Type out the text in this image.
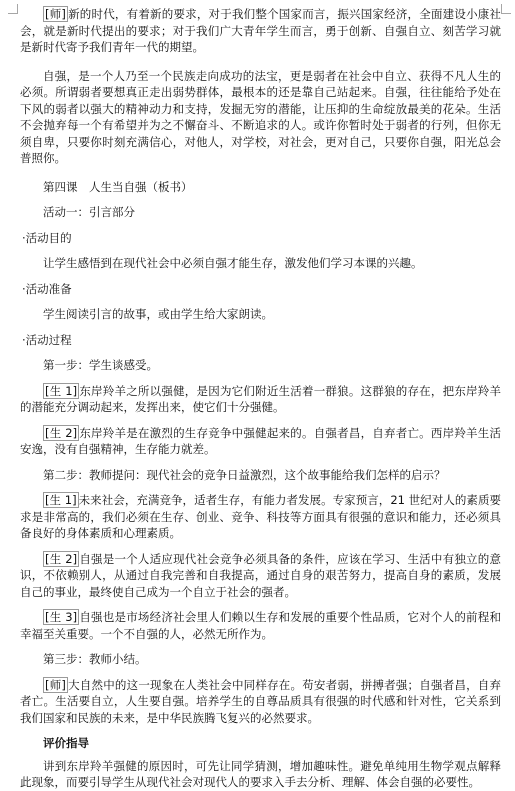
[师] 新的时代，有着新的要求，对于我们整个国家而言，振兴国家经济，全面建设小康社会，就是新时代提出的要求；对于我们广大青年学生而言，勇于创新、自强自立、刻苦学习就是新时代寄予我们青年一代的期望。

自强，是一个人乃至一个民族走向成功的法宝，更是弱者在社会中自立、获得不凡人生的必须。所谓弱者要想真正走出弱势群体，最根本的还是靠自己站起来。自强，往往能给予处在下风的弱者以强大的精神动力和支持，发掘无穷的潜能，让压抑的生命绽放最美的花朵。生活不会抛弃每一个有希望并为之不懈奋斗、不断追求的人。或许你暂时处于弱者的行列，但你无须自卑，只要你时刻充满信心，对他人，对学校，对社会，更对自己，只要你自强，阳光总会普照你。

第四课　人生当自强（板书）

活动一：引言部分

·活动目的

让学生感悟到在现代社会中必须自强才能生存，激发他们学习本课的兴趣。

·活动准备

学生阅读引言的故事，或由学生给大家朗读。

·活动过程

第一步：学生谈感受。

[生 1] 东岸羚羊之所以强健，是因为它们附近生活着一群狼。这群狼的存在，把东岸羚羊的潜能充分调动起来，发挥出来，使它们十分强健。

[生 2] 东岸羚羊是在激烈的生存竞争中强健起来的。自强者昌，自弃者亡。西岸羚羊生活安逸，没有自强精神，生存能力就差。

第二步：教师提问：现代社会的竞争日益激烈，这个故事能给我们怎样的启示？

[生 1] 未来社会，充满竞争，适者生存，有能力者发展。专家预言，21 世纪对人的素质要求是非常高的，我们必须在生存、创业、竞争、科技等方面具有很强的意识和能力，还必须具备良好的身体素质和心理素质。

[生 2] 自强是一个人适应现代社会竞争必须具备的条件，应该在学习、生活中有独立的意识，不依赖别人，从通过自我完善和自我提高，通过自身的艰苦努力，提高自身的素质，发展自己的事业，最终使自己成为一个自立于社会的强者。

[生 3] 自强也是市场经济社会里人们赖以生存和发展的重要个性品质，它对个人的前程和幸福至关重要。一个不自强的人，必然无所作为。

第三步：教师小结。

[师] 大自然中的这一现象在人类社会中同样存在。苟安者弱，拼搏者强；自强者昌，自弃者亡。生活要自立，人生要自强。培养学生的自尊品质具有很强的时代感和针对性，它关系到我们国家和民族的未来，是中华民族腾飞复兴的必然要求。

评价指导

讲到东岸羚羊强健的原因时，可先让同学猜测，增加趣味性。避免单纯用生物学观点解释此现象，而要引导学生从现代社会对现代人的要求入手去分析、理解、体会自强的必要性。
